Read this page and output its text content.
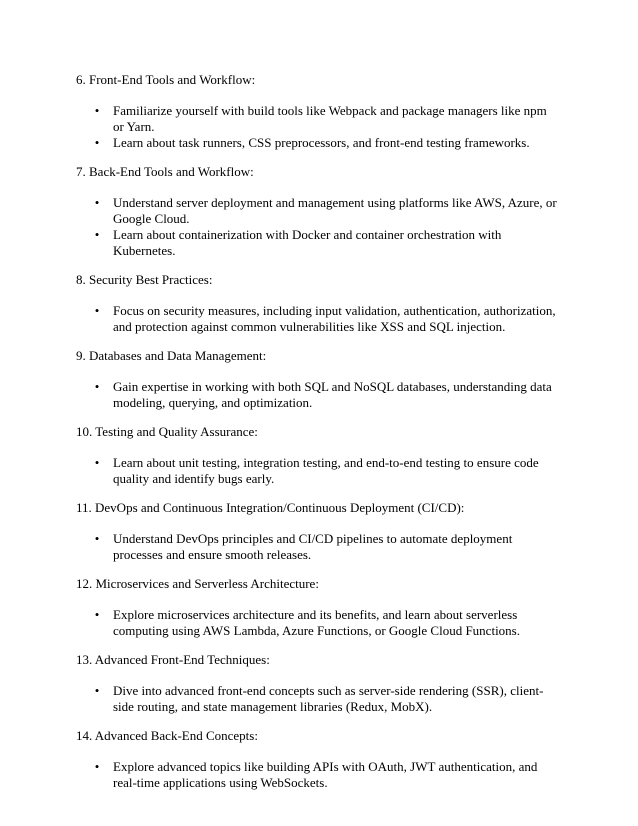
6. Front-End Tools and Workflow:
• Familiarize yourself with build tools like Webpack and package managers like npm or Yarn.
• Learn about task runners, CSS preprocessors, and front-end testing frameworks.
7. Back-End Tools and Workflow:
• Understand server deployment and management using platforms like AWS, Azure, or Google Cloud.
• Learn about containerization with Docker and container orchestration with Kubernetes.
8. Security Best Practices:
• Focus on security measures, including input validation, authentication, authorization, and protection against common vulnerabilities like XSS and SQL injection.
9. Databases and Data Management:
• Gain expertise in working with both SQL and NoSQL databases, understanding data modeling, querying, and optimization.
10. Testing and Quality Assurance:
• Learn about unit testing, integration testing, and end-to-end testing to ensure code quality and identify bugs early.
11. DevOps and Continuous Integration/Continuous Deployment (CI/CD):
• Understand DevOps principles and CI/CD pipelines to automate deployment processes and ensure smooth releases.
12. Microservices and Serverless Architecture:
• Explore microservices architecture and its benefits, and learn about serverless computing using AWS Lambda, Azure Functions, or Google Cloud Functions.
13. Advanced Front-End Techniques:
• Dive into advanced front-end concepts such as server-side rendering (SSR), client-side routing, and state management libraries (Redux, MobX).
14. Advanced Back-End Concepts:
• Explore advanced topics like building APIs with OAuth, JWT authentication, and real-time applications using WebSockets.
